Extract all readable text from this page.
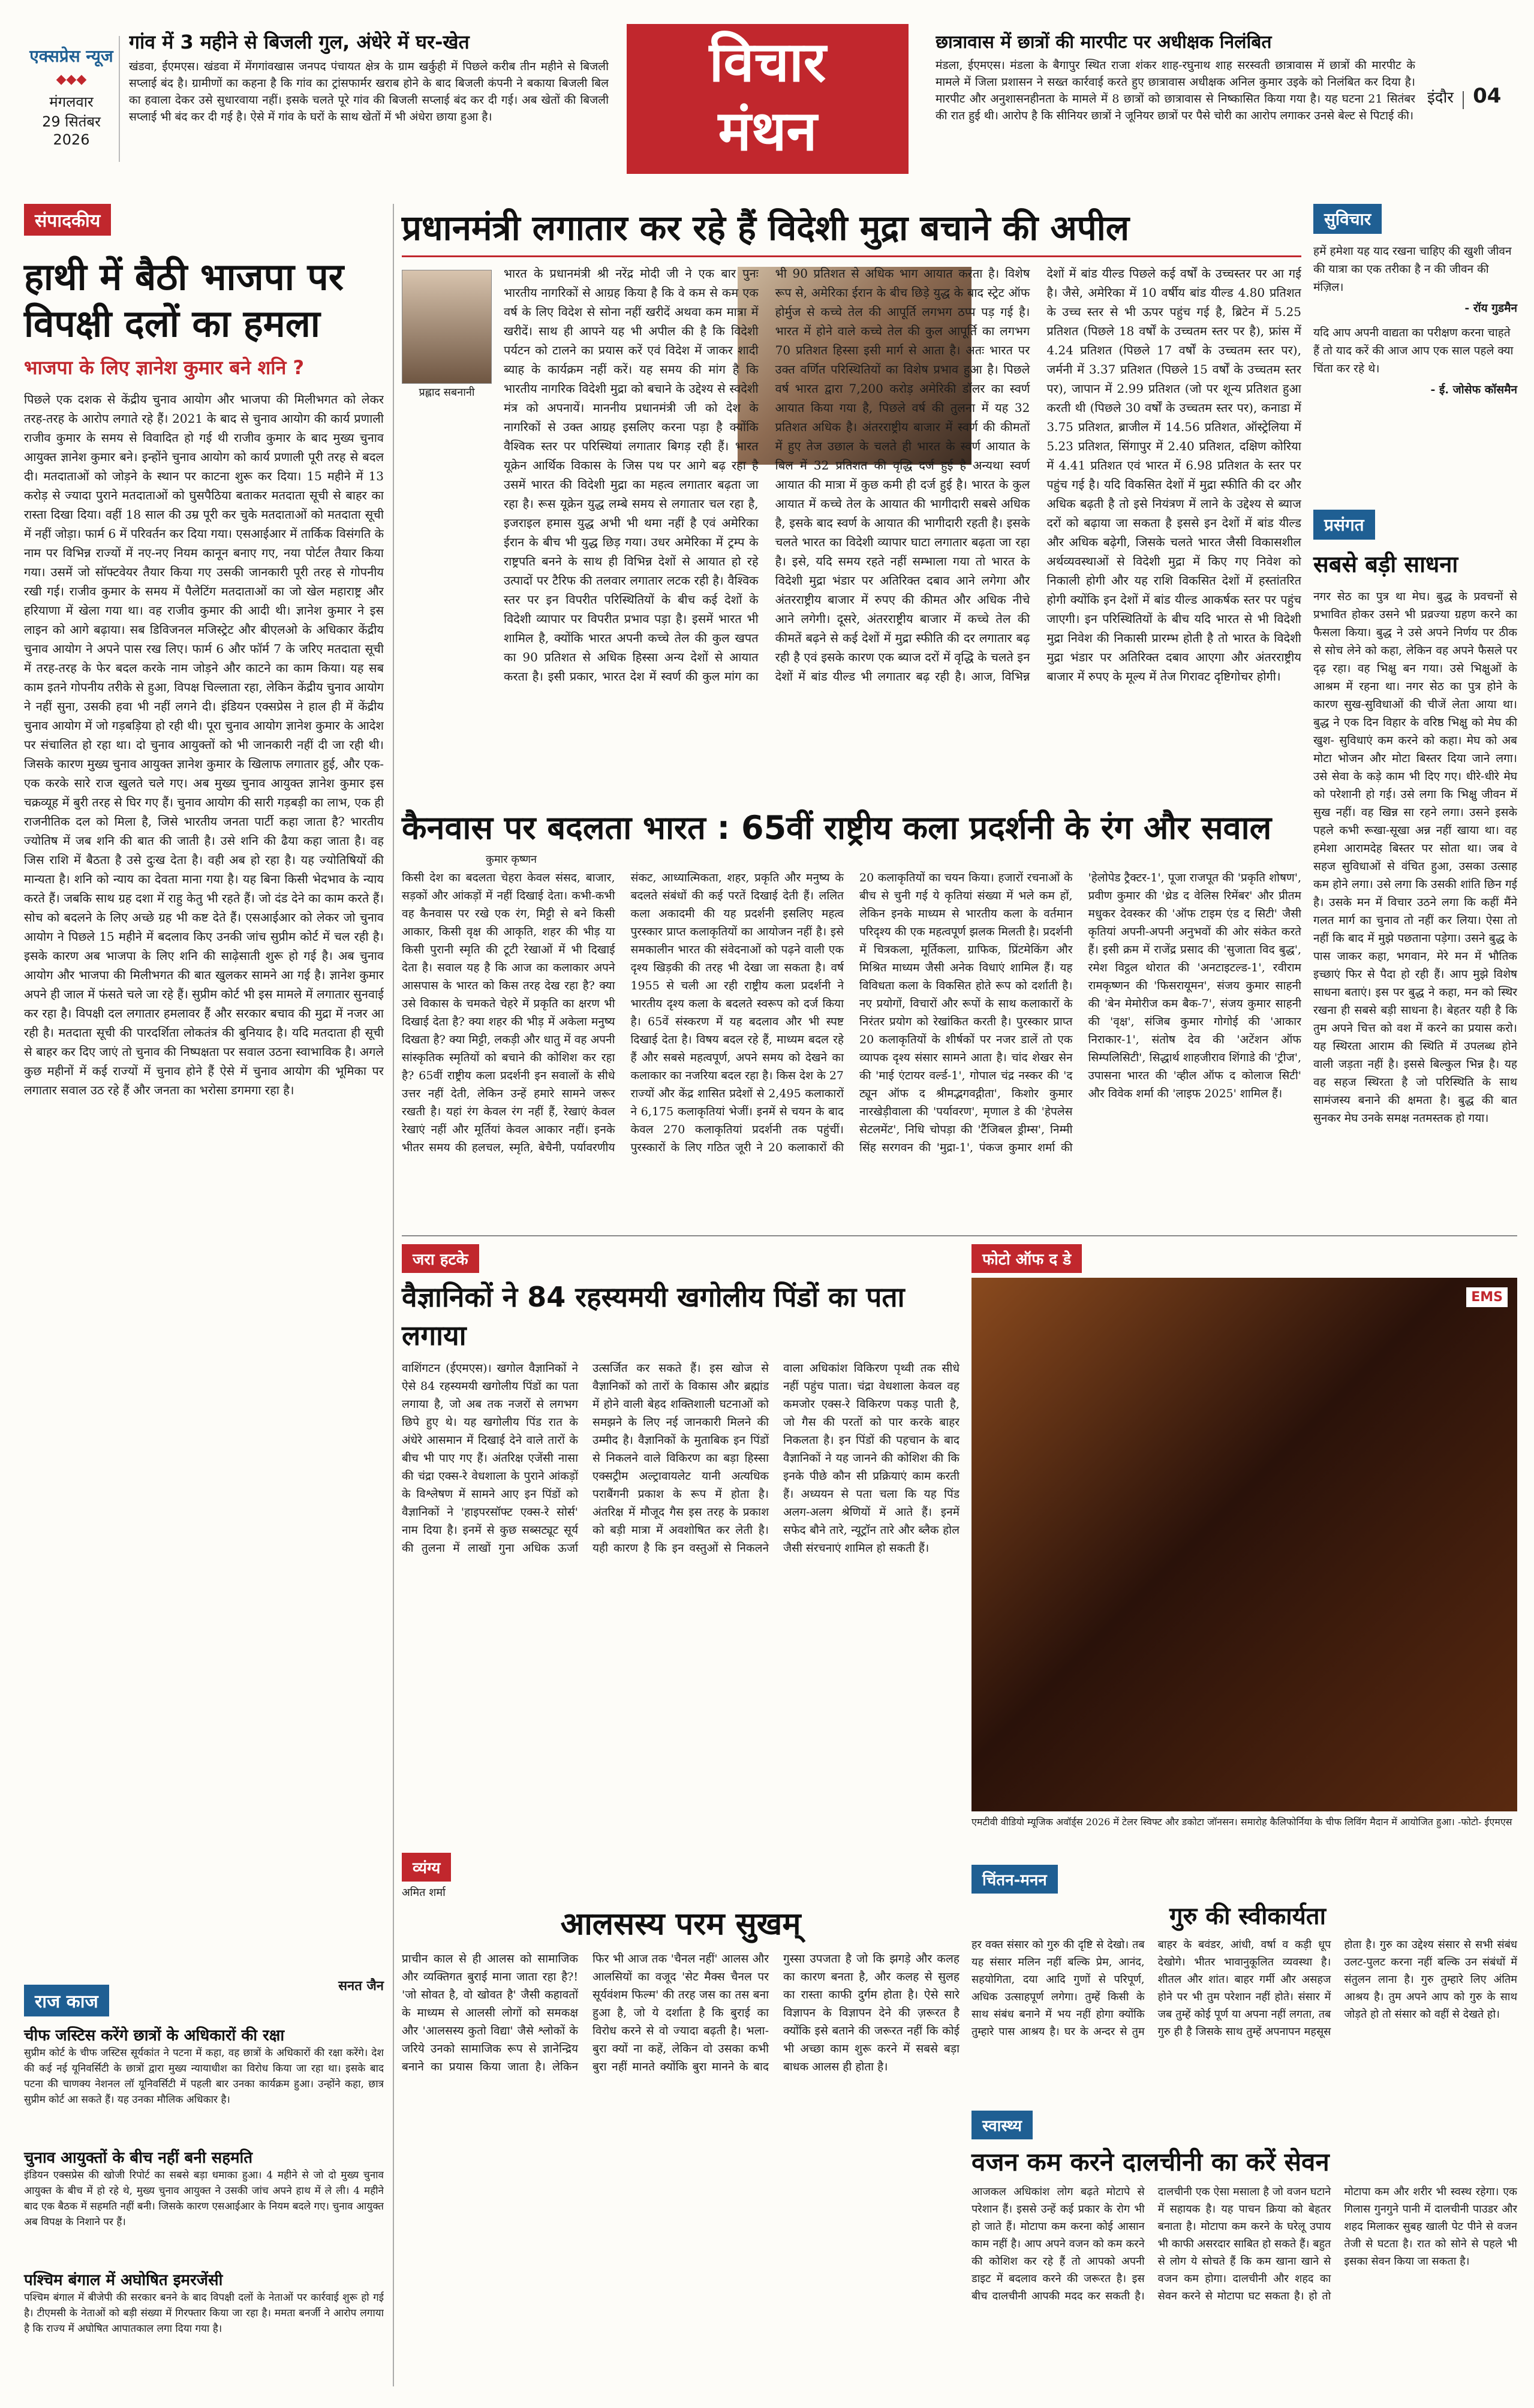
एक्सप्रेस न्यूज
◆◆◆
मंगलवार
29 सितंबर 2026
गांव में 3 महीने से बिजली गुल, अंधेरे में घर-खेत
खंडवा, ईएमएस। खंडवा में मेंगगांवखास जनपद पंचायत क्षेत्र के ग्राम खर्कुही में पिछले करीब तीन महीने से बिजली सप्लाई बंद है। ग्रामीणों का कहना है कि गांव का ट्रांसफार्मर खराब होने के बाद बिजली कंपनी ने बकाया बिजली बिल का हवाला देकर उसे सुधारवाया नहीं। इसके चलते पूरे गांव की बिजली सप्लाई बंद कर दी गई। अब खेतों की बिजली सप्लाई भी बंद कर दी गई है। ऐसे में गांव के घरों के साथ खेतों में भी अंधेरा छाया हुआ है।
विचार
मंथन
छात्रावास में छात्रों की मारपीट पर अधीक्षक निलंबित
मंडला, ईएमएस। मंडला के बैगापुर स्थित राजा शंकर शाह-रघुनाथ शाह सरस्वती छात्रावास में छात्रों की मारपीट के मामले में जिला प्रशासन ने सख्त कार्रवाई करते हुए छात्रावास अधीक्षक अनिल कुमार उइके को निलंबित कर दिया है। मारपीट और अनुशासनहीनता के मामले में 8 छात्रों को छात्रावास से निष्कासित किया गया है। यह घटना 21 सितंबर की रात हुई थी। आरोप है कि सीनियर छात्रों ने जूनियर छात्रों पर पैसे चोरी का आरोप लगाकर उनसे बेल्ट से पिटाई की।
इंदौर 04
संपादकीय
हाथी में बैठी भाजपा पर विपक्षी दलों का हमला
भाजपा के लिए ज्ञानेश कुमार बने शनि ?
पिछले एक दशक से केंद्रीय चुनाव आयोग और भाजपा की मिलीभगत को लेकर तरह-तरह के आरोप लगाते रहे हैं। 2021 के बाद से चुनाव आयोग की कार्य प्रणाली राजीव कुमार के समय से विवादित हो गई थी राजीव कुमार के बाद मुख्य चुनाव आयुक्त ज्ञानेश कुमार बने। इन्होंने चुनाव आयोग को कार्य प्रणाली पूरी तरह से बदल दी। मतदाताओं को जोड़ने के स्थान पर काटना शुरू कर दिया। 15 महीने में 13 करोड़ से ज्यादा पुराने मतदाताओं को घुसपैठिया बताकर मतदाता सूची से बाहर का रास्ता दिखा दिया। वहीं 18 साल की उम्र पूरी कर चुके मतदाताओं को मतदाता सूची में नहीं जोड़ा। फार्म 6 में परिवर्तन कर दिया गया। एसआईआर में तार्किक विसंगति के नाम पर विभिन्न राज्यों में नए-नए नियम कानून बनाए गए, नया पोर्टल तैयार किया गया। उसमें जो सॉफ्टवेयर तैयार किया गए उसकी जानकारी पूरी तरह से गोपनीय रखी गई। राजीव कुमार के समय में पैलेटिंग मतदाताओं का जो खेल महाराष्ट्र और हरियाणा में खेला गया था। वह राजीव कुमार की आदी थी। ज्ञानेश कुमार ने इस लाइन को आगे बढ़ाया। सब डिविजनल मजिस्ट्रेट और बीएलओ के अधिकार केंद्रीय चुनाव आयोग ने अपने पास रख लिए। फार्म 6 और फॉर्म 7 के जरिए मतदाता सूची में तरह-तरह के फेर बदल करके नाम जोड़ने और काटने का काम किया। यह सब काम इतने गोपनीय तरीके से हुआ, विपक्ष चिल्लाता रहा, लेकिन केंद्रीय चुनाव आयोग ने नहीं सुना, उसकी हवा भी नहीं लगने दी। इंडियन एक्सप्रेस ने हाल ही में केंद्रीय चुनाव आयोग में जो गड़बड़िया हो रही थी। पूरा चुनाव आयोग ज्ञानेश कुमार के आदेश पर संचालित हो रहा था। दो चुनाव आयुक्तों को भी जानकारी नहीं दी जा रही थी। जिसके कारण मुख्य चुनाव आयुक्त ज्ञानेश कुमार के खिलाफ लगातार हुई, और एक-एक करके सारे राज खुलते चले गए। अब मुख्य चुनाव आयुक्त ज्ञानेश कुमार इस चक्रव्यूह में बुरी तरह से घिर गए हैं। चुनाव आयोग की सारी गड़बड़ी का लाभ, एक ही राजनीतिक दल को मिला है, जिसे भारतीय जनता पार्टी कहा जाता है? भारतीय ज्योतिष में जब शनि की बात की जाती है। उसे शनि की ढैया कहा जाता है। वह जिस राशि में बैठता है उसे दुःख देता है। वही अब हो रहा है। यह ज्योतिषियों की मान्यता है। शनि को न्याय का देवता माना गया है। यह बिना किसी भेदभाव के न्याय करते हैं। जबकि साथ ग्रह दशा में राहु केतु भी रहते हैं। जो दंड देने का काम करते हैं। सोच को बदलने के लिए अच्छे ग्रह भी कष्ट देते हैं। एसआईआर को लेकर जो चुनाव आयोग ने पिछले 15 महीने में बदलाव किए उनकी जांच सुप्रीम कोर्ट में चल रही है। इसके कारण अब भाजपा के लिए शनि की साढ़ेसाती शुरू हो गई है। अब चुनाव आयोग और भाजपा की मिलीभगत की बात खुलकर सामने आ गई है। ज्ञानेश कुमार अपने ही जाल में फंसते चले जा रहे हैं। सुप्रीम कोर्ट भी इस मामले में लगातार सुनवाई कर रहा है। विपक्षी दल लगातार हमलावर हैं और सरकार बचाव की मुद्रा में नजर आ रही है। मतदाता सूची की पारदर्शिता लोकतंत्र की बुनियाद है। यदि मतदाता ही सूची से बाहर कर दिए जाएं तो चुनाव की निष्पक्षता पर सवाल उठना स्वाभाविक है। अगले कुछ महीनों में कई राज्यों में चुनाव होने हैं ऐसे में चुनाव आयोग की भूमिका पर लगातार सवाल उठ रहे हैं और जनता का भरोसा डगमगा रहा है।
सनत जैन
प्रधानमंत्री लगातार कर रहे हैं विदेशी मुद्रा बचाने की अपील
प्रह्लाद सबनानी
भारत के प्रधानमंत्री श्री नरेंद्र मोदी जी ने एक बार पुनः भारतीय नागरिकों से आग्रह किया है कि वे कम से कम एक वर्ष के लिए विदेश से सोना नहीं खरीदें अथवा कम मात्रा में खरीदें। साथ ही आपने यह भी अपील की है कि विदेशी पर्यटन को टालने का प्रयास करें एवं विदेश में जाकर शादी ब्याह के कार्यक्रम नहीं करें। यह समय की मांग है कि भारतीय नागरिक विदेशी मुद्रा को बचाने के उद्देश्य से स्वदेशी मंत्र को अपनायें। माननीय प्रधानमंत्री जी को देश के नागरिकों से उक्त आग्रह इसलिए करना पड़ा है क्योंकि वैश्विक स्तर पर परिस्थियां लगातार बिगड़ रही हैं। भारत यूक्रेन आर्थिक विकास के जिस पथ पर आगे बढ़ रहा है उसमें भारत की विदेशी मुद्रा का महत्व लगातार बढ़ता जा रहा है। रूस यूक्रेन युद्ध लम्बे समय से लगातार चल रहा है, इजराइल हमास युद्ध अभी भी थमा नहीं है एवं अमेरिका ईरान के बीच भी युद्ध छिड़ गया। उधर अमेरिका में ट्रम्प के राष्ट्रपति बनने के साथ ही विभिन्न देशों से आयात हो रहे उत्पादों पर टैरिफ की तलवार लगातार लटक रही है। वैश्विक स्तर पर इन विपरीत परिस्थितियों के बीच कई देशों के विदेशी व्यापार पर विपरीत प्रभाव पड़ा है। इसमें भारत भी शामिल है, क्योंकि भारत अपनी कच्चे तेल की कुल खपत का 90 प्रतिशत से अधिक हिस्सा अन्य देशों से आयात करता है। इसी प्रकार, भारत देश में स्वर्ण की कुल मांग का भी 90 प्रतिशत से अधिक भाग आयात करता है। विशेष रूप से, अमेरिका ईरान के बीच छिड़े युद्ध के बाद स्ट्रेट ऑफ होर्मुज से कच्चे तेल की आपूर्ति लगभग ठप्प पड़ गई है। भारत में होने वाले कच्चे तेल की कुल आपूर्ति का लगभग 70 प्रतिशत हिस्सा इसी मार्ग से आता है। अतः भारत पर उक्त वर्णित परिस्थितियों का विशेष प्रभाव हुआ है। पिछले वर्ष भारत द्वारा 7,200 करोड़ अमेरिकी डॉलर का स्वर्ण आयात किया गया है, पिछले वर्ष की तुलना में यह 32 प्रतिशत अधिक है। अंतरराष्ट्रीय बाजार में स्वर्ण की कीमतों में हुए तेज उछाल के चलते ही भारत के स्वर्ण आयात के बिल में 32 प्रतिशत की वृद्धि दर्ज हुई है अन्यथा स्वर्ण आयात की मात्रा में कुछ कमी ही दर्ज हुई है। भारत के कुल आयात में कच्चे तेल के आयात की भागीदारी सबसे अधिक है, इसके बाद स्वर्ण के आयात की भागीदारी रहती है। इसके चलते भारत का विदेशी व्यापार घाटा लगातार बढ़ता जा रहा है। इसे, यदि समय रहते नहीं सम्भाला गया तो भारत के विदेशी मुद्रा भंडार पर अतिरिक्त दबाव आने लगेगा और अंतरराष्ट्रीय बाजार में रुपए की कीमत और अधिक नीचे आने लगेगी। दूसरे, अंतरराष्ट्रीय बाजार में कच्चे तेल की कीमतें बढ़ने से कई देशों में मुद्रा स्फीति की दर लगातार बढ़ रही है एवं इसके कारण एक ब्याज दरों में वृद्धि के चलते इन देशों में बांड यील्ड भी लगातार बढ़ रही है। आज, विभिन्न देशों में बांड यील्ड पिछले कई वर्षों के उच्चस्तर पर आ गई है। जैसे, अमेरिका में 10 वर्षीय बांड यील्ड 4.80 प्रतिशत के उच्च स्तर से भी ऊपर पहुंच गई है, ब्रिटेन में 5.25 प्रतिशत (पिछले 18 वर्षों के उच्चतम स्तर पर है), फ्रांस में 4.24 प्रतिशत (पिछले 17 वर्षों के उच्चतम स्तर पर), जर्मनी में 3.37 प्रतिशत (पिछले 15 वर्षों के उच्चतम स्तर पर), जापान में 2.99 प्रतिशत (जो पर शून्य प्रतिशत हुआ करती थी (पिछले 30 वर्षों के उच्चतम स्तर पर), कनाडा में 3.75 प्रतिशत, ब्राजील में 14.56 प्रतिशत, ऑस्ट्रेलिया में 5.23 प्रतिशत, सिंगापुर में 2.40 प्रतिशत, दक्षिण कोरिया में 4.41 प्रतिशत एवं भारत में 6.98 प्रतिशत के स्तर पर पहुंच गई है। यदि विकसित देशों में मुद्रा स्फीति की दर और अधिक बढ़ती है तो इसे नियंत्रण में लाने के उद्देश्य से ब्याज दरों को बढ़ाया जा सकता है इससे इन देशों में बांड यील्ड और अधिक बढ़ेगी, जिसके चलते भारत जैसी विकासशील अर्थव्यवस्थाओं से विदेशी मुद्रा में किए गए निवेश को निकाली होगी और यह राशि विकसित देशों में हस्तांतरित होगी क्योंकि इन देशों में बांड यील्ड आकर्षक स्तर पर पहुंच जाएगी। इन परिस्थितियों के बीच यदि भारत से भी विदेशी मुद्रा निवेश की निकासी प्रारम्भ होती है तो भारत के विदेशी मुद्रा भंडार पर अतिरिक्त दबाव आएगा और अंतरराष्ट्रीय बाजार में रुपए के मूल्य में तेज गिरावट दृष्टिगोचर होगी।
सुविचार
हमें हमेशा यह याद रखना चाहिए की खुशी जीवन की यात्रा का एक तरीका है न की जीवन की मंज़िल।
- रॉय गुडमैन
यदि आप अपनी वाद्यता का परीक्षण करना चाहते हैं तो याद करें की आज आप एक साल पहले क्या चिंता कर रहे थे।
- ई. जोसेफ कॉसमैन
प्रसंगत
सबसे बड़ी साधना
नगर सेठ का पुत्र था मेघ। बुद्ध के प्रवचनों से प्रभावित होकर उसने भी प्रव्रज्या ग्रहण करने का फैसला किया। बुद्ध ने उसे अपने निर्णय पर ठीक से सोच लेने को कहा, लेकिन वह अपने फैसले पर दृढ़ रहा। वह भिक्षु बन गया। उसे भिक्षुओं के आश्रम में रहना था। नगर सेठ का पुत्र होने के कारण सुख-सुविधाओं की चीजें लेता आया था। बुद्ध ने एक दिन विहार के वरिष्ठ भिक्षु को मेघ की खुश- सुविधाएं कम करने को कहा। मेघ को अब मोटा भोजन और मोटा बिस्तर दिया जाने लगा। उसे सेवा के कड़े काम भी दिए गए। धीरे-धीरे मेघ को परेशानी हो गई। उसे लगा कि भिक्षु जीवन में सुख नहीं। वह खिन्न सा रहने लगा। उसने इसके पहले कभी रूखा-सूखा अन्न नहीं खाया था। वह हमेशा आरामदेह बिस्तर पर सोता था। जब वे सहज सुविधाओं से वंचित हुआ, उसका उत्साह कम होने लगा। उसे लगा कि उसकी शांति छिन गई है। उसके मन में विचार उठने लगा कि कहीं मैंने गलत मार्ग का चुनाव तो नहीं कर लिया। ऐसा तो नहीं कि बाद में मुझे पछताना पड़ेगा। उसने बुद्ध के पास जाकर कहा, भगवान, मेरे मन में भौतिक इच्छाएं फिर से पैदा हो रही हैं। आप मुझे विशेष साधना बताएं। इस पर बुद्ध ने कहा, मन को स्थिर रखना ही सबसे बड़ी साधना है। बेहतर यही है कि तुम अपने चित्त को वश में करने का प्रयास करो। यह स्थिरता आराम की स्थिति में उपलब्ध होने वाली जड़ता नहीं है। इससे बिल्कुल भिन्न है। यह वह सहज स्थिरता है जो परिस्थिति के साथ सामंजस्य बनाने की क्षमता है। बुद्ध की बात सुनकर मेघ उनके समक्ष नतमस्तक हो गया।
कैनवास पर बदलता भारत : 65वीं राष्ट्रीय कला प्रदर्शनी के रंग और सवाल
कुमार कृष्णन
किसी देश का बदलता चेहरा केवल संसद, बाजार, सड़कों और आंकड़ों में नहीं दिखाई देता। कभी-कभी वह कैनवास पर रखे एक रंग, मिट्टी से बने किसी आकार, किसी वृक्ष की आकृति, शहर की भीड़ या किसी पुरानी स्मृति की टूटी रेखाओं में भी दिखाई देता है। सवाल यह है कि आज का कलाकार अपने आसपास के भारत को किस तरह देख रहा है? क्या उसे विकास के चमकते चेहरे में प्रकृति का क्षरण भी दिखाई देता है? क्या शहर की भीड़ में अकेला मनुष्य दिखता है? क्या मिट्टी, लकड़ी और धातु में वह अपनी सांस्कृतिक स्मृतियों को बचाने की कोशिश कर रहा है? 65वीं राष्ट्रीय कला प्रदर्शनी इन सवालों के सीधे उत्तर नहीं देती, लेकिन उन्हें हमारे सामने जरूर रखती है। यहां रंग केवल रंग नहीं हैं, रेखाएं केवल रेखाएं नहीं और मूर्तियां केवल आकार नहीं। इनके भीतर समय की हलचल, स्मृति, बेचैनी, पर्यावरणीय संकट, आध्यात्मिकता, शहर, प्रकृति और मनुष्य के बदलते संबंधों की कई परतें दिखाई देती हैं। ललित कला अकादमी की यह प्रदर्शनी इसलिए महत्व पुरस्कार प्राप्त कलाकृतियों का आयोजन नहीं है। इसे समकालीन भारत की संवेदनाओं को पढ़ने वाली एक दृश्य खिड़की की तरह भी देखा जा सकता है। वर्ष 1955 से चली आ रही राष्ट्रीय कला प्रदर्शनी ने भारतीय दृश्य कला के बदलते स्वरूप को दर्ज किया है। 65वें संस्करण में यह बदलाव और भी स्पष्ट दिखाई देता है। विषय बदल रहे हैं, माध्यम बदल रहे हैं और सबसे महत्वपूर्ण, अपने समय को देखने का कलाकार का नजरिया बदल रहा है। किस देश के 27 राज्यों और केंद्र शासित प्रदेशों से 2,495 कलाकारों ने 6,175 कलाकृतियां भेजीं। इनमें से चयन के बाद केवल 270 कलाकृतियां प्रदर्शनी तक पहुंचीं। पुरस्कारों के लिए गठित जूरी ने 20 कलाकारों की 20 कलाकृतियों का चयन किया। हजारों रचनाओं के बीच से चुनी गई ये कृतियां संख्या में भले कम हों, लेकिन इनके माध्यम से भारतीय कला के वर्तमान परिदृश्य की एक महत्वपूर्ण झलक मिलती है। प्रदर्शनी में चित्रकला, मूर्तिकला, ग्राफिक, प्रिंटमेकिंग और मिश्रित माध्यम जैसी अनेक विधाएं शामिल हैं। यह विविधता कला के विकसित होते रूप को दर्शाती है। नए प्रयोगों, विचारों और रूपों के साथ कलाकारों के निरंतर प्रयोग को रेखांकित करती है। पुरस्कार प्राप्त 20 कलाकृतियों के शीर्षकों पर नजर डालें तो एक व्यापक दृश्य संसार सामने आता है। चांद शेखर सेन की 'माई एंटायर वर्ल्ड-1', गोपाल चंद्र नस्कर की 'द ट्यून ऑफ द श्रीमद्भगवद्गीता', किशोर कुमार नारखेड़ीवाला की 'पर्यावरण', मृणाल डे की 'हेपलेस सेटलमेंट', निधि चोपड़ा की 'टैंजिबल ड्रीम्स', निम्मी सिंह सरगवन की 'मुद्रा-1', पंकज कुमार शर्मा की 'हेलोपेड ट्रैक्टर-1', पूजा राजपूत की 'प्रकृति शोषण', प्रवीण कुमार की 'थ्रेड द वेलिस रिमेंबर' और प्रीतम मधुकर देवस्कर की 'ऑफ टाइम एंड द सिटी' जैसी कृतियां अपनी-अपनी अनुभवों की ओर संकेत करते हैं। इसी क्रम में राजेंद्र प्रसाद की 'सुजाता विद बुद्ध', रमेश विट्ठल थोरात की 'अनटाइटल्ड-1', रवीराम रामकृष्णन की 'फिसरायूमन', संजय कुमार साहनी की 'बेन मेमोरीज कम बैक-7', संजय कुमार साहनी की 'वृक्ष', संजिब कुमार गोगोई की 'आकार निराकार-1', संतोष देव की 'अटेंशन ऑफ सिम्पलिसिटी', सिद्धार्थ शाहजीराव शिंगाडे की 'ट्रीज', उपासना भारत की 'व्हील ऑफ द कोलाज सिटी' और विवेक शर्मा की 'लाइफ 2025' शामिल हैं।
जरा हटके
वैज्ञानिकों ने 84 रहस्यमयी खगोलीय पिंडों का पता लगाया
वाशिंगटन (ईएमएस)। खगोल वैज्ञानिकों ने ऐसे 84 रहस्यमयी खगोलीय पिंडों का पता लगाया है, जो अब तक नजरों से लगभग छिपे हुए थे। यह खगोलीय पिंड रात के अंधेरे आसमान में दिखाई देने वाले तारों के बीच भी पाए गए हैं। अंतरिक्ष एजेंसी नासा की चंद्रा एक्स-रे वेधशाला के पुराने आंकड़ों के विश्लेषण में सामने आए इन पिंडों को वैज्ञानिकों ने 'हाइपरसॉफ्ट एक्स-रे सोर्स' नाम दिया है। इनमें से कुछ सब्सट्यूट सूर्य की तुलना में लाखों गुना अधिक ऊर्जा उत्सर्जित कर सकते हैं। इस खोज से वैज्ञानिकों को तारों के विकास और ब्रह्मांड में होने वाली बेहद शक्तिशाली घटनाओं को समझने के लिए नई जानकारी मिलने की उम्मीद है। वैज्ञानिकों के मुताबिक इन पिंडों से निकलने वाले विकिरण का बड़ा हिस्सा एक्सट्रीम अल्ट्रावायलेट यानी अत्यधिक पराबैंगनी प्रकाश के रूप में होता है। अंतरिक्ष में मौजूद गैस इस तरह के प्रकाश को बड़ी मात्रा में अवशोषित कर लेती है। यही कारण है कि इन वस्तुओं से निकलने वाला अधिकांश विकिरण पृथ्वी तक सीधे नहीं पहुंच पाता। चंद्रा वेधशाला केवल वह कमजोर एक्स-रे विकिरण पकड़ पाती है, जो गैस की परतों को पार करके बाहर निकलता है। इन पिंडों की पहचान के बाद वैज्ञानिकों ने यह जानने की कोशिश की कि इनके पीछे कौन सी प्रक्रियाएं काम करती हैं। अध्ययन से पता चला कि यह पिंड अलग-अलग श्रेणियों में आते हैं। इनमें सफेद बौने तारे, न्यूट्रॉन तारे और ब्लैक होल जैसी संरचनाएं शामिल हो सकती हैं।
फोटो ऑफ द डे
EMS
एमटीवी वीडियो म्यूजिक अवॉर्ड्स 2026 में टेलर स्विफ्ट और डकोटा जॉनसन। समारोह कैलिफोर्निया के चीफ लिविंग मैदान में आयोजित हुआ। -फोटो- ईएमएस
व्यंग्य
अमित शर्मा
आलसस्य परम सुखम्
प्राचीन काल से ही आलस को सामाजिक और व्यक्तिगत बुराई माना जाता रहा है?! 'जो सोवत है, वो खोवत है' जैसी कहावतों के माध्यम से आलसी लोगों को समकक्ष और 'आलसस्य कुतो विद्या' जैसे श्लोकों के जरिये उनको सामाजिक रूप से ज्ञानेन्द्रिय बनाने का प्रयास किया जाता है। लेकिन फिर भी आज तक 'चैनल नहीं' आलस और आलसियों का वजूद 'सेट मैक्स चैनल पर सूर्यवंशम फिल्म' की तरह जस का तस बना हुआ है, जो ये दर्शाता है कि बुराई का विरोध करने से वो ज्यादा बढ़ती है। भला-बुरा क्यों ना कहें, लेकिन वो उसका कभी बुरा नहीं मानते क्योंकि बुरा मानने के बाद गुस्सा उपजता है जो कि झगड़े और कलह का कारण बनता है, और कलह से सुलह का रास्ता काफी दुर्गम होता है। ऐसे सारे विज्ञापन के विज्ञापन देने की ज़रूरत है क्योंकि इसे बताने की जरूरत नहीं कि कोई भी अच्छा काम शुरू करने में सबसे बड़ा बाधक आलस ही होता है।
राज काज
चीफ जस्टिस करेंगे छात्रों के अधिकारों की रक्षा
सुप्रीम कोर्ट के चीफ जस्टिस सूर्यकांत ने पटना में कहा, वह छात्रों के अधिकारों की रक्षा करेंगे। देश की कई नई यूनिवर्सिटी के छात्रों द्वारा मुख्य न्यायाधीश का विरोध किया जा रहा था। इसके बाद पटना की चाणक्य नेशनल लॉ यूनिवर्सिटी में पहली बार उनका कार्यक्रम हुआ। उन्होंने कहा, छात्र सुप्रीम कोर्ट आ सकते हैं। यह उनका मौलिक अधिकार है।
चुनाव आयुक्तों के बीच नहीं बनी सहमति
इंडियन एक्सप्रेस की खोजी रिपोर्ट का सबसे बड़ा धमाका हुआ। 4 महीने से जो दो मुख्य चुनाव आयुक्त के बीच में हो रहे थे, मुख्य चुनाव आयुक्त ने उसकी जांच अपने हाथ में ले ली। 4 महीने बाद एक बैठक में सहमति नहीं बनी। जिसके कारण एसआईआर के नियम बदले गए। चुनाव आयुक्त अब विपक्ष के निशाने पर हैं।
पश्चिम बंगाल में अघोषित इमरजेंसी
पश्चिम बंगाल में बीजेपी की सरकार बनने के बाद विपक्षी दलों के नेताओं पर कार्रवाई शुरू हो गई है। टीएमसी के नेताओं को बड़ी संख्या में गिरफ्तार किया जा रहा है। ममता बनर्जी ने आरोप लगाया है कि राज्य में अघोषित आपातकाल लगा दिया गया है।
चिंतन-मनन
गुरु की स्वीकार्यता
हर वक्त संसार को गुरु की दृष्टि से देखो। तब यह संसार मलिन नहीं बल्कि प्रेम, आनंद, सहयोगिता, दया आदि गुणों से परिपूर्ण, अधिक उत्साहपूर्ण लगेगा। तुम्हें किसी के साथ संबंध बनाने में भय नहीं होगा क्योंकि तुम्हारे पास आश्रय है। घर के अन्दर से तुम बाहर के बवंडर, आंधी, वर्षा व कड़ी धूप देखोगे। भीतर भावानुकूलित व्यवस्था है। शीतल और शांत। बाहर गर्मी और असहज होने पर भी तुम परेशान नहीं होते। संसार में जब तुम्हें कोई पूर्ण या अपना नहीं लगता, तब गुरु ही है जिसके साथ तुम्हें अपनापन महसूस होता है। गुरु का उद्देश्य संसार से सभी संबंध उलट-पुलट करना नहीं बल्कि उन संबंधों में संतुलन लाना है। गुरु तुम्हारे लिए अंतिम आश्रय है। तुम अपने आप को गुरु के साथ जोड़ते हो तो संसार को वहीं से देखते हो।
स्वास्थ्य
वजन कम करने दालचीनी का करें सेवन
आजकल अधिकांश लोग बढ़ते मोटापे से परेशान हैं। इससे उन्हें कई प्रकार के रोग भी हो जाते हैं। मोटापा कम करना कोई आसान काम नहीं है। आप अपने वजन को कम करने की कोशिश कर रहे हैं तो आपको अपनी डाइट में बदलाव करने की जरूरत है। इस बीच दालचीनी आपकी मदद कर सकती है। दालचीनी एक ऐसा मसाला है जो वजन घटाने में सहायक है। यह पाचन क्रिया को बेहतर बनाता है। मोटापा कम करने के घरेलू उपाय भी काफी असरदार साबित हो सकते हैं। बहुत से लोग ये सोचते हैं कि कम खाना खाने से वजन कम होगा। दालचीनी और शहद का सेवन करने से मोटापा घट सकता है। हो तो मोटापा कम और शरीर भी स्वस्थ रहेगा। एक गिलास गुनगुने पानी में दालचीनी पाउडर और शहद मिलाकर सुबह खाली पेट पीने से वजन तेजी से घटता है। रात को सोने से पहले भी इसका सेवन किया जा सकता है।
